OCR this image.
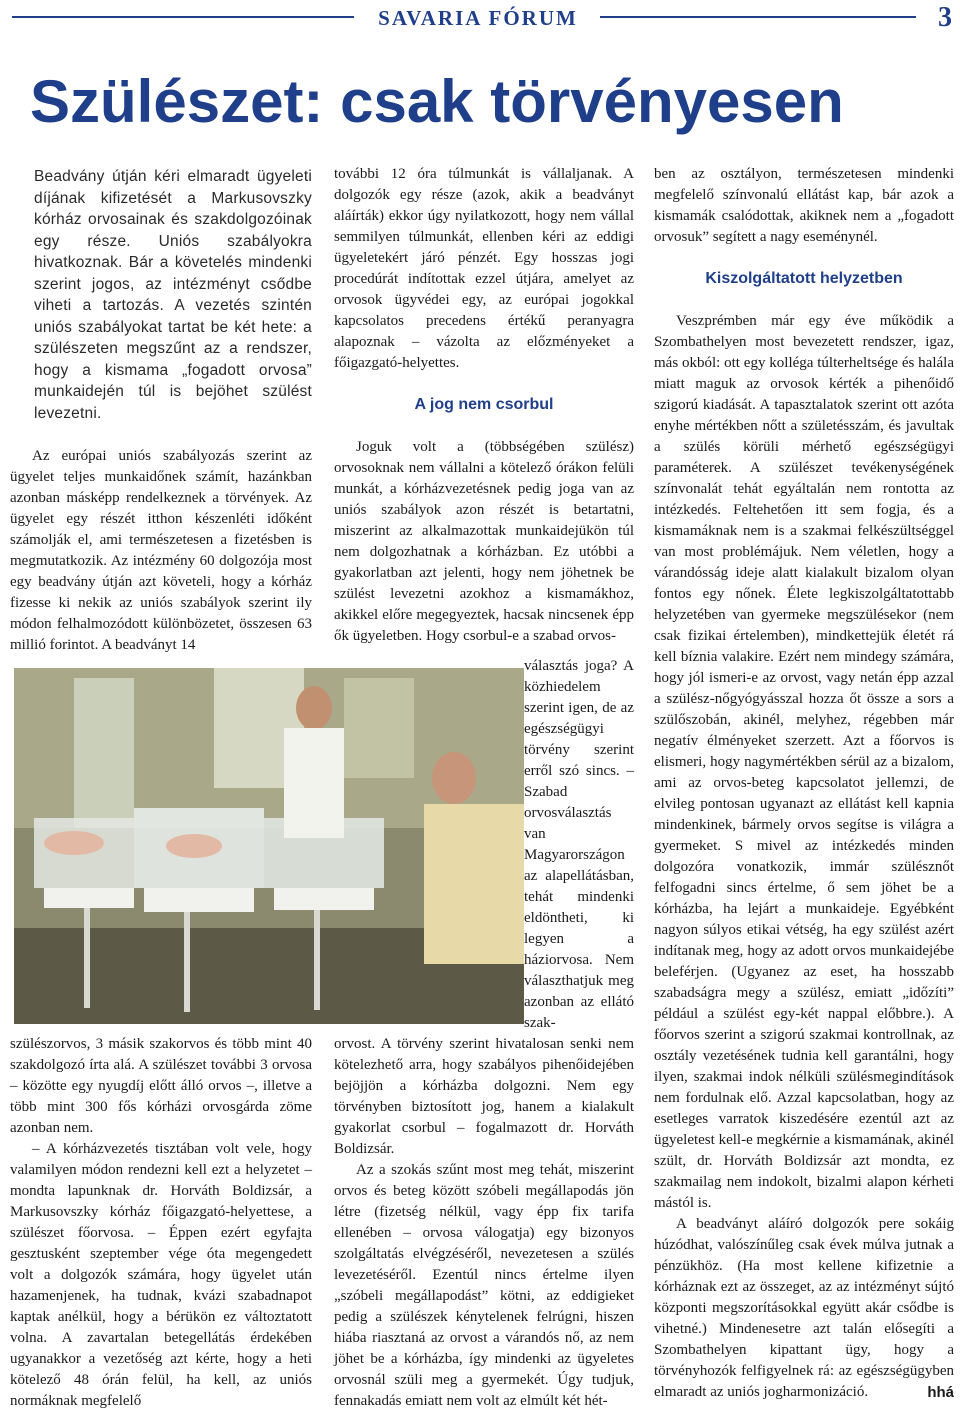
SAVARIA FÓRUM	3
Szülészet: csak törvényesen

Beadvány útján kéri elmaradt ügyeleti díjának kifizetését a Markusovszky kórház orvosainak és szakdolgozóinak egy része. Uniós szabályokra hivatkoznak. Bár a követelés mindenki szerint jogos, az intézményt csődbe viheti a tartozás. A vezetés szintén uniós szabályokat tartat be két hete: a szülészeten megszűnt az a rendszer, hogy a kismama „fogadott orvosa” munkaidején túl is bejöhet szülést levezetni.

Az európai uniós szabályozás szerint az ügyelet teljes munkaidőnek számít, hazánkban azonban másképp rendelkeznek a törvények. Az ügyelet egy részét itthon készenléti időként számolják el, ami természetesen a fizetésben is megmutatkozik. Az intézmény 60 dolgozója most egy beadvány útján azt követeli, hogy a kórház fizesse ki nekik az uniós szabályok szerint ily módon felhalmozódott különbözetet, összesen 63 millió forintot. A beadványt 14

szülészorvos, 3 másik szakorvos és több mint 40 szakdolgozó írta alá. A szülészet további 3 orvosa – közötte egy nyugdíj előtt álló orvos –, illetve a több mint 300 fős kórházi orvosgárda zöme azonban nem.

– A kórházvezetés tisztában volt vele, hogy valamilyen módon rendezni kell ezt a helyzetet – mondta lapunknak dr. Horváth Boldizsár, a Markusovszky kórház főigazgató-helyettese, a szülészet főorvosa. – Éppen ezért egyfajta gesztusként szeptember vége óta megengedett volt a dolgozók számára, hogy ügyelet után hazamenjenek, ha tudnak, kvázi szabadnapot kaptak anélkül, hogy a bérükön ez változtatott volna. A zavartalan betegellátás érdekében ugyanakkor a vezetőség azt kérte, hogy a heti kötelező 48 órán felül, ha kell, az uniós normáknak megfelelő

további 12 óra túlmunkát is vállaljanak. A dolgozók egy része (azok, akik a beadványt aláírták) ekkor úgy nyilatkozott, hogy nem vállal semmilyen túlmunkát, ellenben kéri az eddigi ügyeletekért járó pénzét. Egy hosszas jogi procedúrát indítottak ezzel útjára, amelyet az orvosok ügyvédei egy, az európai jogokkal kapcsolatos precedens értékű peranyagra alapoznak – vázolta az előzményeket a főigazgató-helyettes.

A jog nem csorbul

Joguk volt a (többségében szülész) orvosoknak nem vállalni a kötelező órákon felüli munkát, a kórházvezetésnek pedig joga van az uniós szabályok azon részét is betartatni, miszerint az alkalmazottak munkaidejükön túl nem dolgozhatnak a kórházban. Ez utóbbi a gyakorlatban azt jelenti, hogy nem jöhetnek be szülést levezetni azokhoz a kismamákhoz, akikkel előre megegyeztek, hacsak nincsenek épp ők ügyeletben. Hogy csorbul-e a szabad orvos-

választás joga? A közhiedelem szerint igen, de az egészségügyi törvény szerint erről szó sincs. – Szabad orvosválasztás van Magyarországon az alapellátásban, tehát mindenki eldöntheti, ki legyen a háziorvosa. Nem választhatjuk meg azonban az ellátó szak-

orvost. A törvény szerint hivatalosan senki nem kötelezhető arra, hogy szabályos pihenőidejében bejöjjön a kórházba dolgozni. Nem egy törvényben biztosított jog, hanem a kialakult gyakorlat csorbul – fogalmazott dr. Horváth Boldizsár.

Az a szokás szűnt most meg tehát, miszerint orvos és beteg között szóbeli megállapodás jön létre (fizetség nélkül, vagy épp fix tarifa ellenében – orvosa válogatja) egy bizonyos szolgáltatás elvégzéséről, nevezetesen a szülés levezetéséről. Ezentúl nincs értelme ilyen „szóbeli megállapodást” kötni, az eddigieket pedig a szülészek kénytelenek felrúgni, hiszen hiába riasztaná az orvost a várandós nő, az nem jöhet be a kórházba, így mindenki az ügyeletes orvosnál szüli meg a gyermekét. Úgy tudjuk, fennakadás emiatt nem volt az elmúlt két hét-

ben az osztályon, természetesen mindenki megfelelő színvonalú ellátást kap, bár azok a kismamák csalódottak, akiknek nem a „fogadott orvosuk” segített a nagy eseménynél.

Kiszolgáltatott helyzetben

Veszprémben már egy éve működik a Szombathelyen most bevezetett rendszer, igaz, más okból: ott egy kolléga túlterheltsége és halála miatt maguk az orvosok kérték a pihenőidő szigorú kiadását. A tapasztalatok szerint ott azóta enyhe mértékben nőtt a születésszám, és javultak a szülés körüli mérhető egészségügyi paraméterek. A szülészet tevékenységének színvonalát tehát egyáltalán nem rontotta az intézkedés. Feltehetően itt sem fogja, és a kismamáknak nem is a szakmai felkészültséggel van most problémájuk. Nem véletlen, hogy a várandósság ideje alatt kialakult bizalom olyan fontos egy nőnek. Élete legkiszolgáltatottabb helyzetében van gyermeke megszülésekor (nem csak fizikai értelemben), mindkettejük életét rá kell bíznia valakire. Ezért nem mindegy számára, hogy jól ismeri-e az orvost, vagy netán épp azzal a szülész-nőgyógyásszal hozza őt össze a sors a szülőszobán, akinél, melyhez, régebben már negatív élményeket szerzett. Azt a főorvos is elismeri, hogy nagymértékben sérül az a bizalom, ami az orvos-beteg kapcsolatot jellemzi, de elvileg pontosan ugyanazt az ellátást kell kapnia mindenkinek, bármely orvos segítse is világra a gyermeket. S mivel az intézkedés minden dolgozóra vonatkozik, immár szülésznőt felfogadni sincs értelme, ő sem jöhet be a kórházba, ha lejárt a munkaideje. Egyébként nagyon súlyos etikai vétség, ha egy szülést azért indítanak meg, hogy az adott orvos munkaidejébe beleférjen. (Ugyanez az eset, ha hosszabb szabadságra megy a szülész, emiatt „időzíti” például a szülést egy-két nappal előbbre.). A főorvos szerint a szigorú szakmai kontrollnak, az osztály vezetésének tudnia kell garantálni, hogy ilyen, szakmai indok nélküli szülésmegindítások nem fordulnak elő. Azzal kapcsolatban, hogy az esetleges varratok kiszedésére ezentúl azt az ügyeletest kell-e megkérnie a kismamának, akinél szült, dr. Horváth Boldizsár azt mondta, ez szakmailag nem indokolt, bizalmi alapon kérheti mástól is.

A beadványt aláíró dolgozók pere sokáig húzódhat, valószínűleg csak évek múlva jutnak a pénzükhöz. (Ha most kellene kifizetnie a kórháznak ezt az összeget, az az intézményt sújtó központi megszorításokkal együtt akár csődbe is vihetné.) Mindenesetre azt talán elősegíti a Szombathelyen kipattant ügy, hogy a törvényhozók felfigyelnek rá: az egészségügyben elmaradt az uniós jogharmonizáció.	hhá
